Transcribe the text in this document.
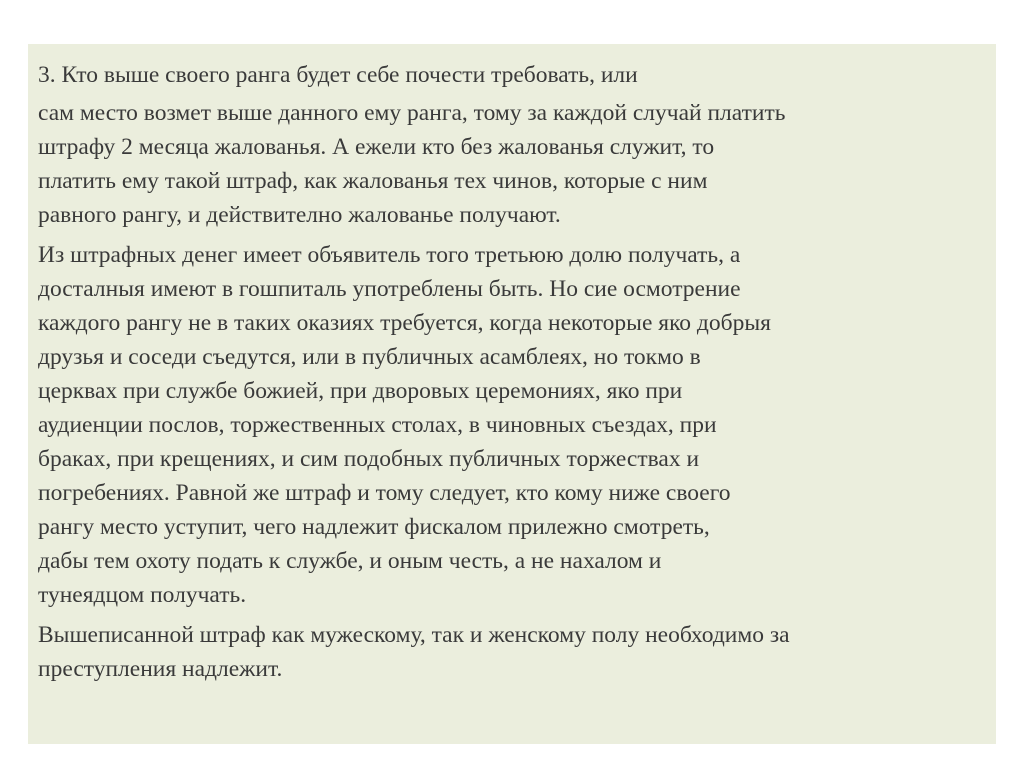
3. Кто выше своего ранга будет себе почести требовать, или

сам место возмет выше данного ему ранга, тому за каждой случай платить
штрафу 2 месяца жалованья. А ежели кто без жалованья служит, то
платить ему такой штраф, как жалованья тех чинов, которые с ним
равного рангу, и действително жалованье получают.

Из штрафных денег имеет объявитель того третьюю долю получать, а
досталныя имеют в гошпиталь употреблены быть. Но сие осмотрение
каждого рангу не в таких оказиях требуется, когда некоторые яко добрыя
друзья и соседи съедутся, или в публичных асамблеях, но токмо в
церквах при службе божией, при дворовых церемониях, яко при
аудиенции послов, торжественных столах, в чиновных съездах, при
браках, при крещениях, и сим подобных публичных торжествах и
погребениях. Равной же штраф и тому следует, кто кому ниже своего
рангу место уступит, чего надлежит фискалом прилежно смотреть,
дабы тем охоту подать к службе, и оным честь, а не нахалом и
тунеядцом получать.

Вышеписанной штраф как мужескому, так и женскому полу необходимо за
преступления надлежит.
